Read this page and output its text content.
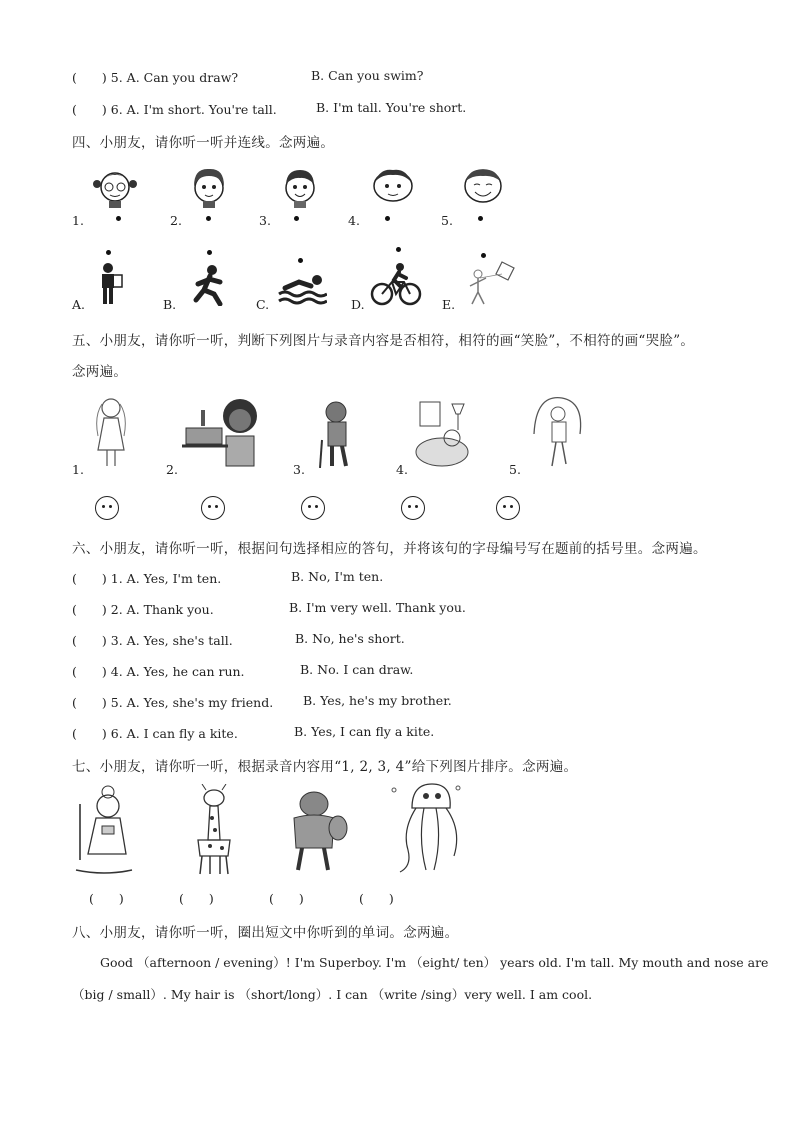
(　　) 5. A. Can you draw?	B. Can you swim?
(　　) 6. A. I'm short. You're tall.	B. I'm tall. You're short.
四、小朋友，请你听一听并连线。念两遍。
1.	2.	3.	4.	5.
A.	B.	C.	D.	E.
五、小朋友，请你听一听，判断下列图片与录音内容是否相符，相符的画“笑脸”，不相符的画“哭脸”。
念两遍。
1.	2.	3.	4.	5.
六、小朋友，请你听一听，根据问句选择相应的答句，并将该句的字母编号写在题前的括号里。念两遍。
(　　) 1. A. Yes, I'm ten.	B. No, I'm ten.
(　　) 2. A. Thank you.	B. I'm very well. Thank you.
(　　) 3. A. Yes, she's tall.	B. No, he's short.
(　　) 4. A. Yes, he can run.	B. No. I can draw.
(　　) 5. A. Yes, she's my friend. B. Yes, he's my brother.
(　　) 6. A. I can fly a kite.	B. Yes, I can fly a kite.
七、小朋友，请你听一听，根据录音内容用“1, 2, 3, 4”给下列图片排序。念两遍。
(　　)	(　　)	(　　)	(　　)
八、小朋友，请你听一听，圈出短文中你听到的单词。念两遍。
Good （afternoon / evening）! I'm Superboy. I'm （eight/ ten） years old. I'm tall. My mouth and nose are
（big / small）. My hair is （short/long）. I can （write /sing）very well. I am cool.
